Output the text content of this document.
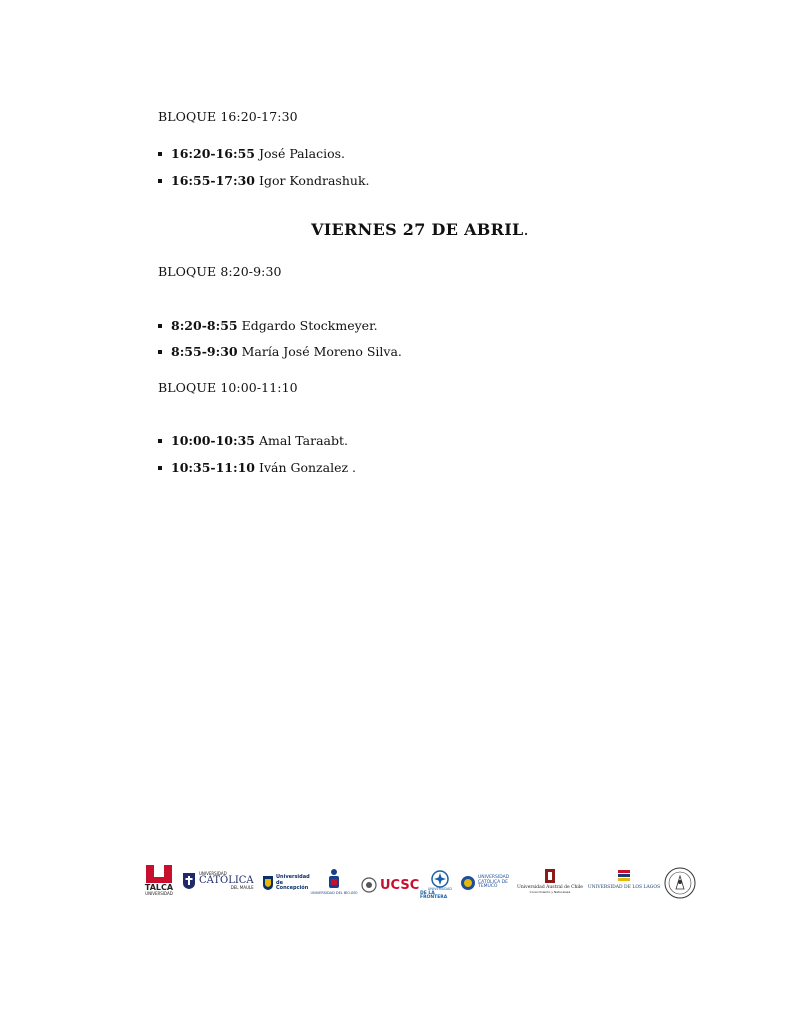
BLOQUE 16:20-17:30
16:20-16:55 José Palacios.
16:55-17:30 Igor Kondrashuk.
VIERNES 27 DE ABRIL.
BLOQUE 8:20-9:30
8:20-8:55 Edgardo Stockmeyer.
8:55-9:30 María José Moreno Silva.
BLOQUE 10:00-11:10
10:00-10:35 Amal Taraabt.
10:35-11:10 Iván Gonzalez .
TALCA
UNIVERSIDAD
UNIVERSIDAD
CATOLICA
DEL MAULE
Universidad de Concepción
UNIVERSIDAD DEL BÍO-BÍO
UCSC UNIVERSIDAD
DE LA FRONTERA
UNIVERSIDAD
CATÓLICA DE
TEMUCO	Universidad Austral de Chile
Conocimiento y Naturaleza
UNIVERSIDAD DE LOS LAGOS
